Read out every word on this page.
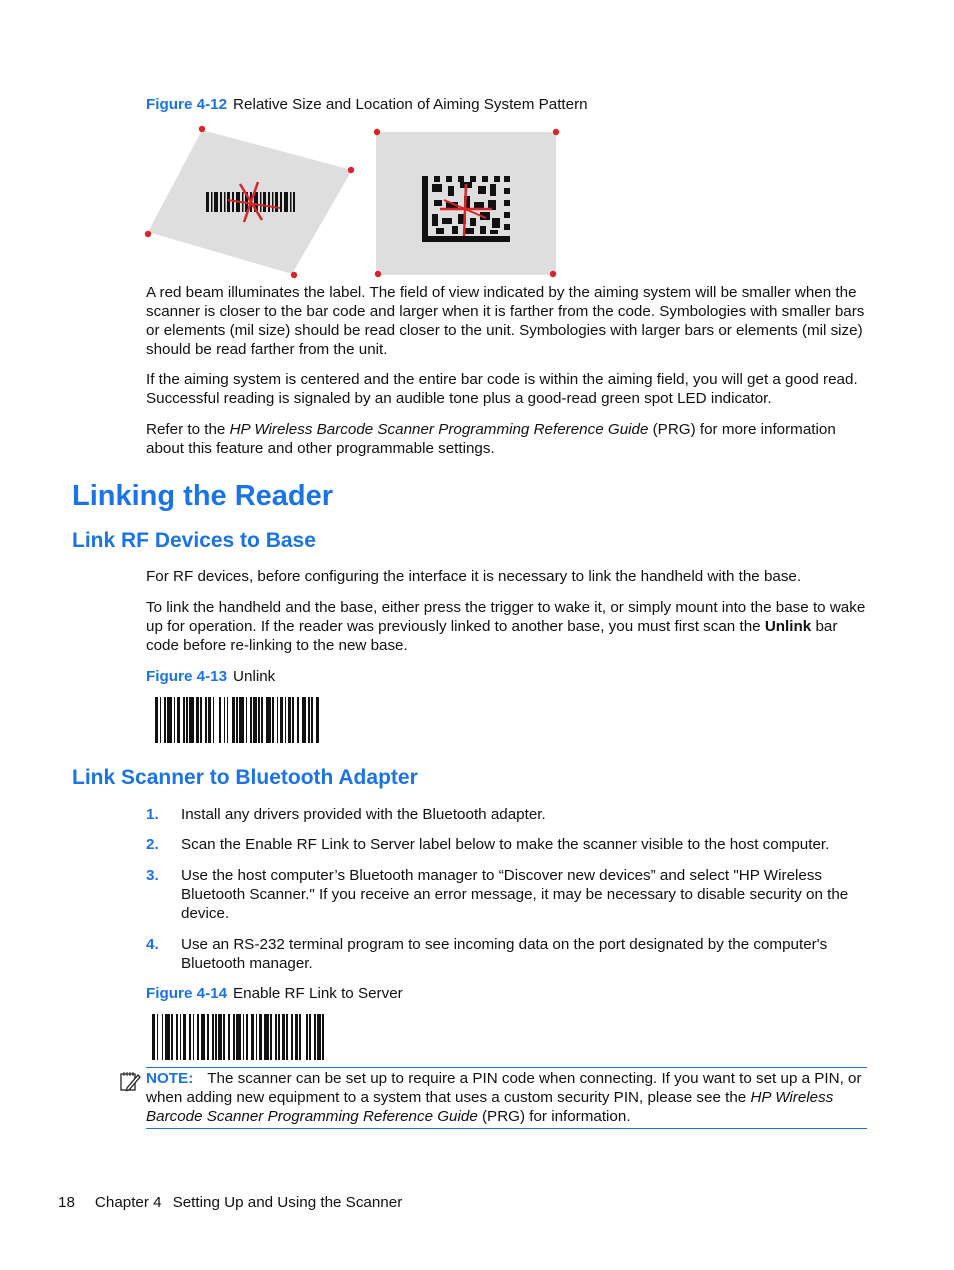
Figure 4-12 Relative Size and Location of Aiming System Pattern

A red beam illuminates the label. The field of view indicated by the aiming system will be smaller when the scanner is closer to the bar code and larger when it is farther from the code. Symbologies with smaller bars or elements (mil size) should be read closer to the unit. Symbologies with larger bars or elements (mil size) should be read farther from the unit.

If the aiming system is centered and the entire bar code is within the aiming field, you will get a good read. Successful reading is signaled by an audible tone plus a good-read green spot LED indicator.

Refer to the HP Wireless Barcode Scanner Programming Reference Guide (PRG) for more information about this feature and other programmable settings.

Linking the Reader
Link RF Devices to Base

For RF devices, before configuring the interface it is necessary to link the handheld with the base.

To link the handheld and the base, either press the trigger to wake it, or simply mount into the base to wake up for operation. If the reader was previously linked to another base, you must first scan the Unlink bar code before re-linking to the new base.

Figure 4-13 Unlink
Link Scanner to Bluetooth Adapter
1. Install any drivers provided with the Bluetooth adapter.

2. Scan the Enable RF Link to Server label below to make the scanner visible to the host computer.

3. Use the host computer’s Bluetooth manager to “Discover new devices” and select "HP Wireless Bluetooth Scanner." If you receive an error message, it may be necessary to disable security on the device.

4. Use an RS-232 terminal program to see incoming data on the port designated by the computer's Bluetooth manager.

Figure 4-14 Enable RF Link to Server

NOTE: The scanner can be set up to require a PIN code when connecting. If you want to set up a PIN, or when adding new equipment to a system that uses a custom security PIN, please see the HP Wireless Barcode Scanner Programming Reference Guide (PRG) for information.

18 Chapter 4 Setting Up and Using the Scanner
